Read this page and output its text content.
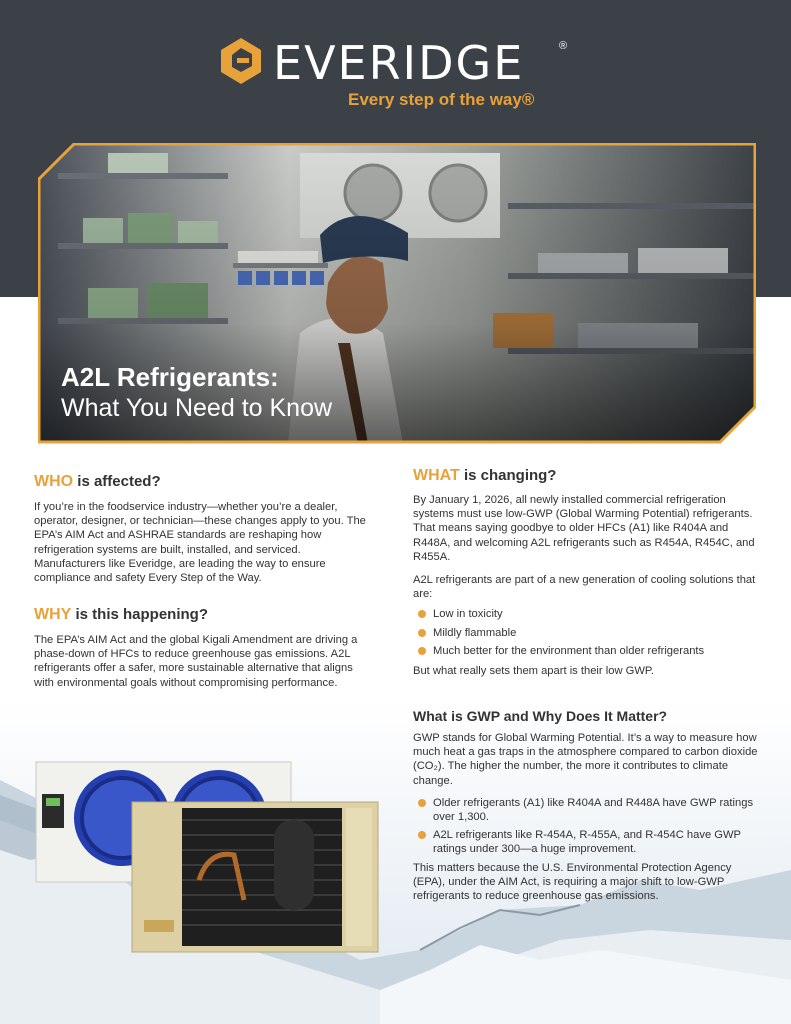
EVERIDGE	®
Every step of the way®
A2L Refrigerants:
What You Need to Know
WHO is affected?

If you’re in the foodservice industry—whether you’re a dealer, operator, designer, or technician—these changes apply to you. The EPA’s AIM Act and ASHRAE standards are reshaping how refrigeration systems are built, installed, and serviced. Manufacturers like Everidge, are leading the way to ensure compliance and safety Every Step of the Way.

WHY is this happening?

The EPA’s AIM Act and the global Kigali Amendment are driving a phase-down of HFCs to reduce greenhouse gas emissions. A2L refrigerants offer a safer, more sustainable alternative that aligns with environmental goals without compromising performance.

WHAT is changing?

By January 1, 2026, all newly installed commercial refrigeration systems must use low-GWP (Global Warming Potential) refrigerants. That means saying goodbye to older HFCs (A1) like R404A and R448A, and welcoming A2L refrigerants such as R454A, R454C, and R455A.

A2L refrigerants are part of a new generation of cooling solutions that are:

Low in toxicity
Mildly flammable
Much better for the environment than older refrigerants

But what really sets them apart is their low GWP.

What is GWP and Why Does It Matter?

GWP stands for Global Warming Potential. It’s a way to measure how much heat a gas traps in the atmosphere compared to carbon dioxide (CO₂). The higher the number, the more it contributes to climate change.

Older refrigerants (A1) like R404A and R448A have GWP ratings over 1,300.
A2L refrigerants like R-454A, R-455A, and R-454C have GWP ratings under 300—a huge improvement.

This matters because the U.S. Environmental Protection Agency (EPA), under the AIM Act, is requiring a major shift to low-GWP refrigerants to reduce greenhouse gas emissions.
